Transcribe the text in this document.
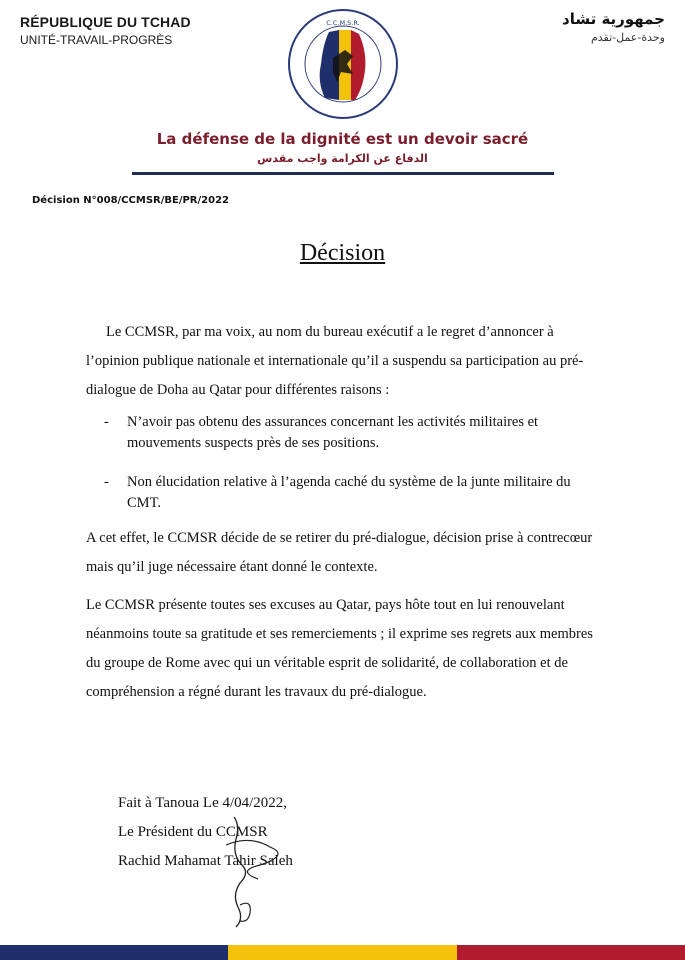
RÉPUBLIQUE DU TCHAD
UNITÉ-TRAVAIL-PROGRÈS
جمهورية تشاد
وحدة-عمل-تقدم
C.C.M.S.R.
La défense de la dignité est un devoir sacré
الدفاع عن الكرامة واجب مقدس
Décision N°008/CCMSR/BE/PR/2022
Décision

Le CCMSR, par ma voix, au nom du bureau exécutif a le regret d’annoncer à l’opinion publique nationale et internationale qu’il a suspendu sa participation au pré-dialogue de Doha au Qatar pour différentes raisons :

- N’avoir pas obtenu des assurances concernant les activités militaires et mouvements suspects près de ses positions.
- Non élucidation relative à l’agenda caché du système de la junte militaire du CMT.

A cet effet, le CCMSR décide de se retirer du pré-dialogue, décision prise à contrecœur mais qu’il juge nécessaire étant donné le contexte.

Le CCMSR présente toutes ses excuses au Qatar, pays hôte tout en lui renouvelant néanmoins toute sa gratitude et ses remerciements ; il exprime ses regrets aux membres du groupe de Rome avec qui un véritable esprit de solidarité, de collaboration et de compréhension a régné durant les travaux du pré-dialogue.

Fait à Tanoua Le 4/04/2022,
Le Président du CCMSR
Rachid Mahamat Tahir Saleh
